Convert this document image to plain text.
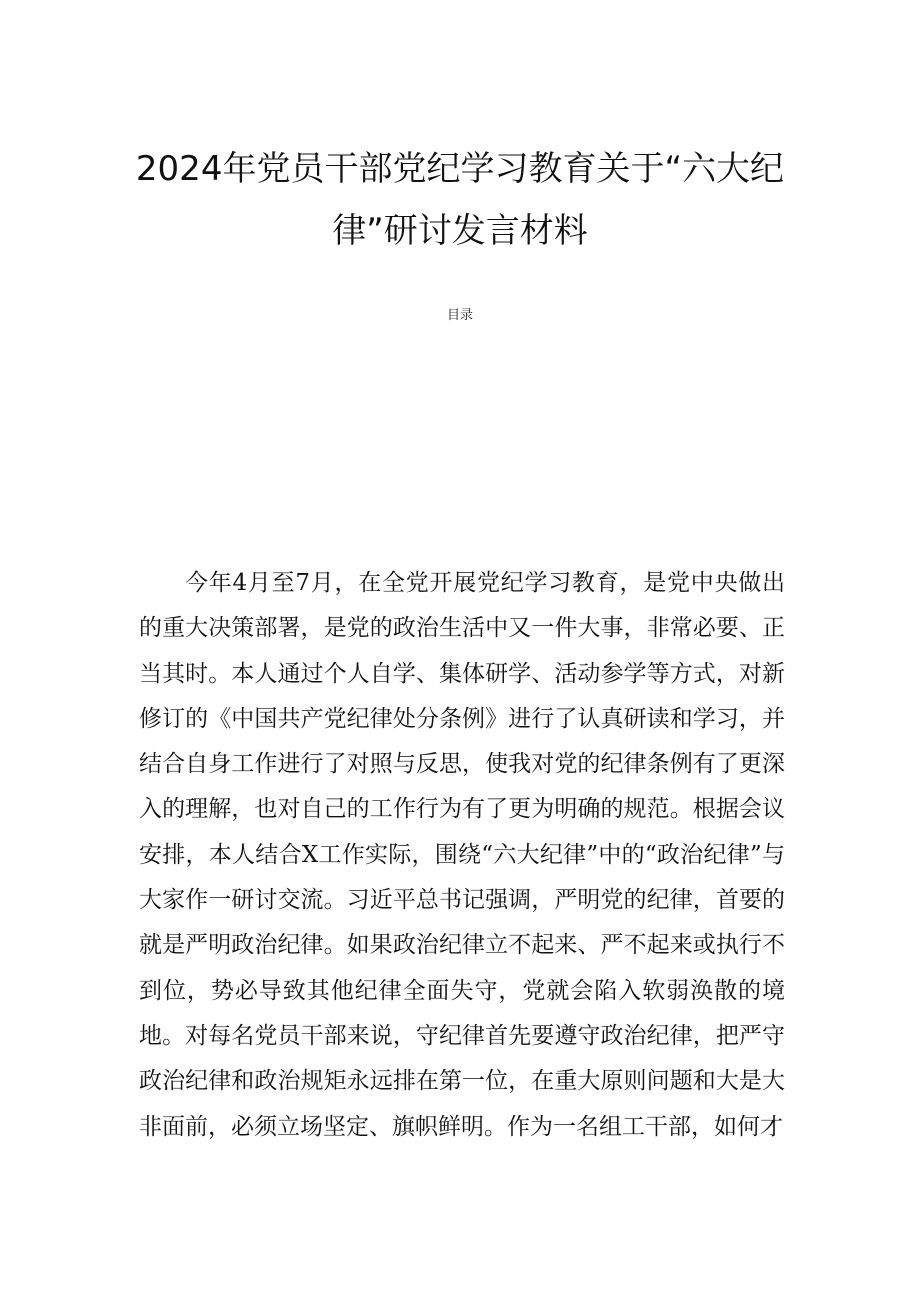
2024年党员干部党纪学习教育关于“六大纪
律”研讨发言材料
目录

今年4月至7月，在全党开展党纪学习教育，是党中央做出的重大决策部署，是党的政治生活中又一件大事，非常必要、正当其时。本人通过个人自学、集体研学、活动参学等方式，对新修订的《中国共产党纪律处分条例》进行了认真研读和学习，并结合自身工作进行了对照与反思，使我对党的纪律条例有了更深入的理解，也对自己的工作行为有了更为明确的规范。根据会议安排，本人结合X工作实际，围绕“六大纪律”中的“政治纪律”与大家作一研讨交流。习近平总书记强调，严明党的纪律，首要的就是严明政治纪律。如果政治纪律立不起来、严不起来或执行不到位，势必导致其他纪律全面失守，党就会陷入软弱涣散的境地。对每名党员干部来说，守纪律首先要遵守政治纪律，把严守政治纪律和政治规矩永远排在第一位，在重大原则问题和大是大非面前，必须立场坚定、旗帜鲜明。作为一名组工干部，如何才
